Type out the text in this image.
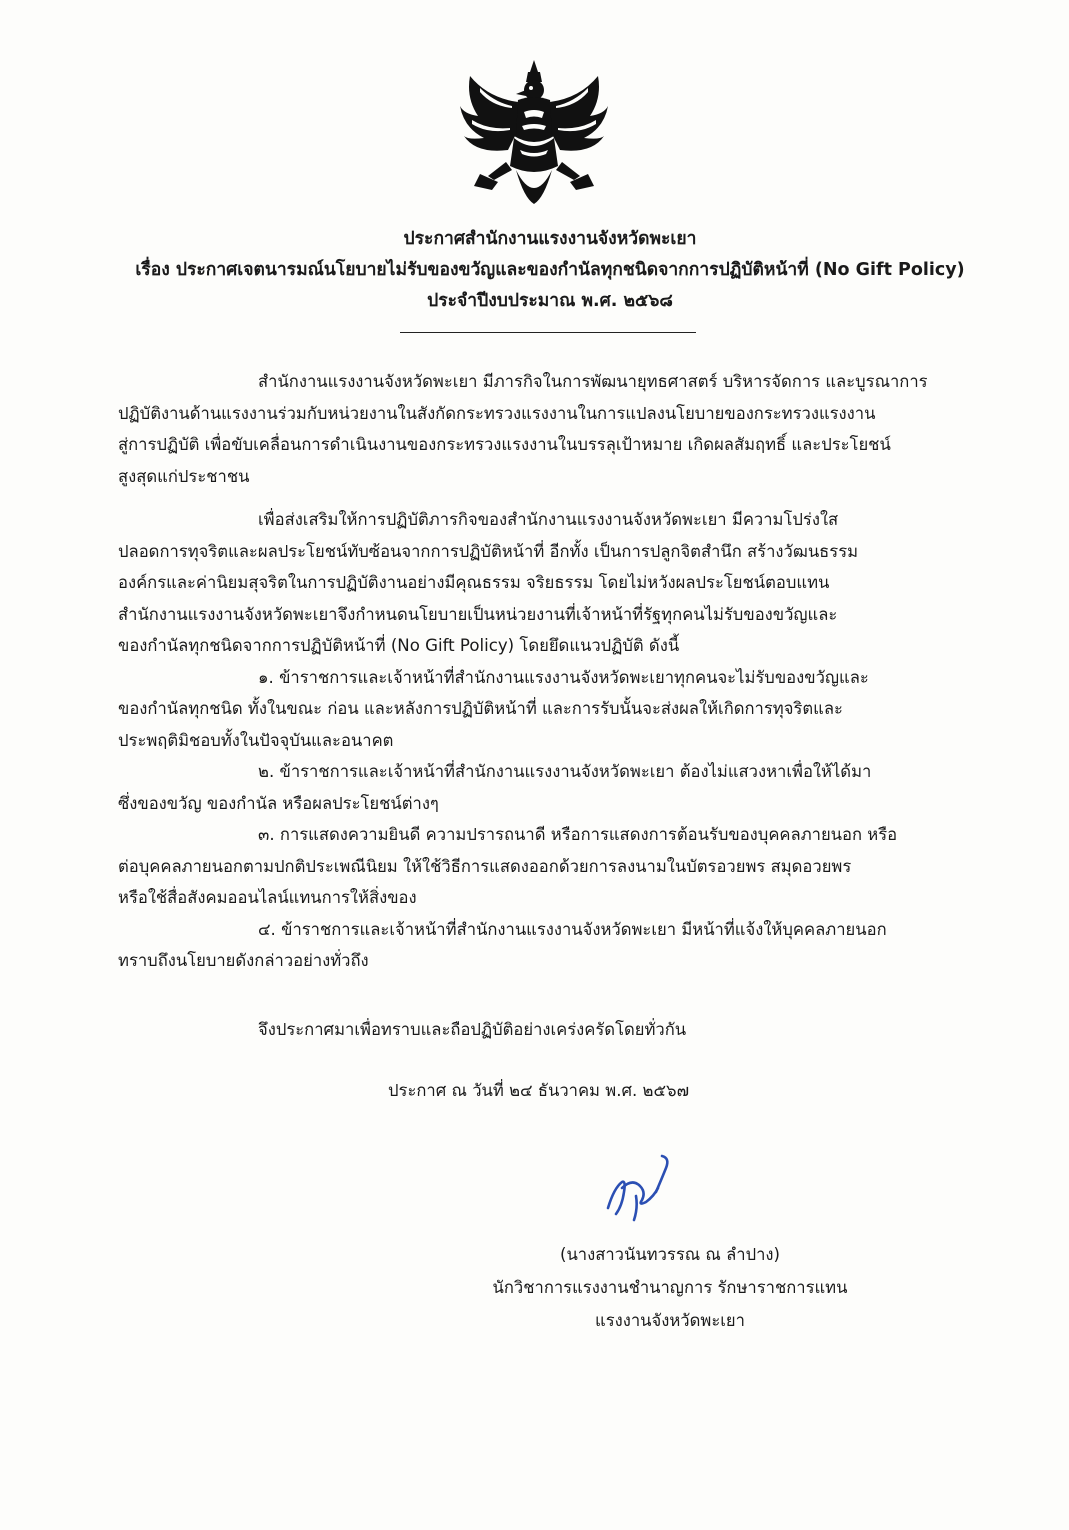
ประกาศสำนักงานแรงงานจังหวัดพะเยา
เรื่อง ประกาศเจตนารมณ์นโยบายไม่รับของขวัญและของกำนัลทุกชนิดจากการปฏิบัติหน้าที่ (No Gift Policy)
ประจำปีงบประมาณ พ.ศ. ๒๕๖๘

สำนักงานแรงงานจังหวัดพะเยา มีภารกิจในการพัฒนายุทธศาสตร์ บริหารจัดการ และบูรณาการ
ปฏิบัติงานด้านแรงงานร่วมกับหน่วยงานในสังกัดกระทรวงแรงงานในการแปลงนโยบายของกระทรวงแรงงาน
สู่การปฏิบัติ เพื่อขับเคลื่อนการดำเนินงานของกระทรวงแรงงานในบรรลุเป้าหมาย เกิดผลสัมฤทธิ์ และประโยชน์
สูงสุดแก่ประชาชน

เพื่อส่งเสริมให้การปฏิบัติภารกิจของสำนักงานแรงงานจังหวัดพะเยา มีความโปร่งใส
ปลอดการทุจริตและผลประโยชน์ทับซ้อนจากการปฏิบัติหน้าที่ อีกทั้ง เป็นการปลูกจิตสำนึก สร้างวัฒนธรรม
องค์กรและค่านิยมสุจริตในการปฏิบัติงานอย่างมีคุณธรรม จริยธรรม โดยไม่หวังผลประโยชน์ตอบแทน
สำนักงานแรงงานจังหวัดพะเยาจึงกำหนดนโยบายเป็นหน่วยงานที่เจ้าหน้าที่รัฐทุกคนไม่รับของขวัญและ
ของกำนัลทุกชนิดจากการปฏิบัติหน้าที่ (No Gift Policy) โดยยึดแนวปฏิบัติ ดังนี้

๑. ข้าราชการและเจ้าหน้าที่สำนักงานแรงงานจังหวัดพะเยาทุกคนจะไม่รับของขวัญและ
ของกำนัลทุกชนิด ทั้งในขณะ ก่อน และหลังการปฏิบัติหน้าที่ และการรับนั้นจะส่งผลให้เกิดการทุจริตและ
ประพฤติมิชอบทั้งในปัจจุบันและอนาคต

๒. ข้าราชการและเจ้าหน้าที่สำนักงานแรงงานจังหวัดพะเยา ต้องไม่แสวงหาเพื่อให้ได้มา
ซึ่งของขวัญ ของกำนัล หรือผลประโยชน์ต่างๆ

๓. การแสดงความยินดี ความปรารถนาดี หรือการแสดงการต้อนรับของบุคคลภายนอก หรือ
ต่อบุคคลภายนอกตามปกติประเพณีนิยม ให้ใช้วิธีการแสดงออกด้วยการลงนามในบัตรอวยพร สมุดอวยพร
หรือใช้สื่อสังคมออนไลน์แทนการให้สิ่งของ

๔. ข้าราชการและเจ้าหน้าที่สำนักงานแรงงานจังหวัดพะเยา มีหน้าที่แจ้งให้บุคคลภายนอก
ทราบถึงนโยบายดังกล่าวอย่างทั่วถึง

จึงประกาศมาเพื่อทราบและถือปฏิบัติอย่างเคร่งครัดโดยทั่วกัน
ประกาศ ณ วันที่ ๒๔ ธันวาคม พ.ศ. ๒๕๖๗
(นางสาวนันทวรรณ ณ ลำปาง)
นักวิชาการแรงงานชำนาญการ รักษาราชการแทน
แรงงานจังหวัดพะเยา
